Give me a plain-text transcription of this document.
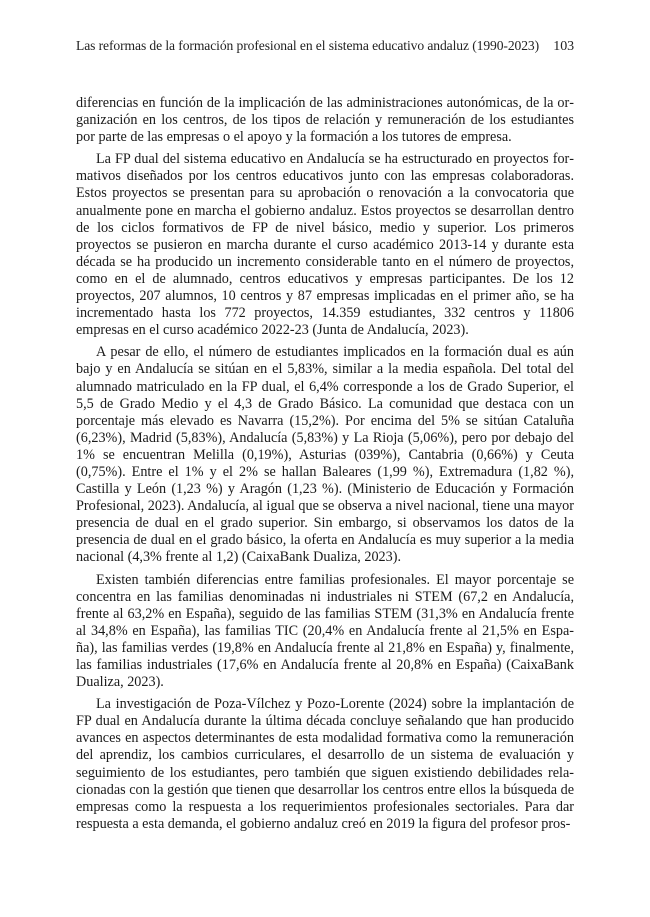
Las reformas de la formación profesional en el sistema educativo andaluz (1990-2023) 103

diferencias en función de la implicación de las administraciones autonómicas, de la organización en los centros, de los tipos de relación y remuneración de los estudiantes por parte de las empresas o el apoyo y la formación a los tutores de empresa.

La FP dual del sistema educativo en Andalucía se ha estructurado en proyectos formativos diseñados por los centros educativos junto con las empresas colaboradoras. Estos proyectos se presentan para su aprobación o renovación a la convocatoria que anualmente pone en marcha el gobierno andaluz. Estos proyectos se desarrollan dentro de los ciclos formativos de FP de nivel básico, medio y superior. Los primeros proyectos se pusieron en marcha durante el curso académico 2013-14 y durante esta década se ha producido un incremento considerable tanto en el número de proyectos, como en el de alumnado, centros educativos y empresas participantes. De los 12 proyectos, 207 alumnos, 10 centros y 87 empresas implicadas en el primer año, se ha incrementado hasta los 772 proyectos, 14.359 estudiantes, 332 centros y 11806 empresas en el curso académico 2022-23 (Junta de Andalucía, 2023).

A pesar de ello, el número de estudiantes implicados en la formación dual es aún bajo y en Andalucía se sitúan en el 5,83%, similar a la media española. Del total del alumnado matriculado en la FP dual, el 6,4% corresponde a los de Grado Superior, el 5,5 de Grado Medio y el 4,3 de Grado Básico. La comunidad que destaca con un porcentaje más elevado es Navarra (15,2%). Por encima del 5% se sitúan Cataluña (6,23%), Madrid (5,83%), Andalucía (5,83%) y La Rioja (5,06%), pero por debajo del 1% se encuentran Melilla (0,19%), Asturias (039%), Cantabria (0,66%) y Ceuta (0,75%). Entre el 1% y el 2% se hallan Baleares (1,99 %), Extremadura (1,82 %), Castilla y León (1,23 %) y Aragón (1,23 %). (Ministerio de Educación y Formación Profesional, 2023). Andalucía, al igual que se observa a nivel nacional, tiene una mayor presencia de dual en el grado superior. Sin embargo, si observamos los datos de la presencia de dual en el grado básico, la oferta en Andalucía es muy superior a la media nacional (4,3% frente al 1,2) (CaixaBank Dualiza, 2023).

Existen también diferencias entre familias profesionales. El mayor porcentaje se concentra en las familias denominadas ni industriales ni STEM (67,2 en Andalucía, frente al 63,2% en España), seguido de las familias STEM (31,3% en Andalucía frente al 34,8% en España), las familias TIC (20,4% en Andalucía frente al 21,5% en España), las familias verdes (19,8% en Andalucía frente al 21,8% en España) y, finalmente, las familias industriales (17,6% en Andalucía frente al 20,8% en España) (CaixaBank Dualiza, 2023).

La investigación de Poza-Vílchez y Pozo-Lorente (2024) sobre la implantación de FP dual en Andalucía durante la última década concluye señalando que han producido avances en aspectos determinantes de esta modalidad formativa como la remuneración del aprendiz, los cambios curriculares, el desarrollo de un sistema de evaluación y seguimiento de los estudiantes, pero también que siguen existiendo debilidades relacionadas con la gestión que tienen que desarrollar los centros entre ellos la búsqueda de empresas como la respuesta a los requerimientos profesionales sectoriales. Para dar respuesta a esta demanda, el gobierno andaluz creó en 2019 la figura del profesor pros-
